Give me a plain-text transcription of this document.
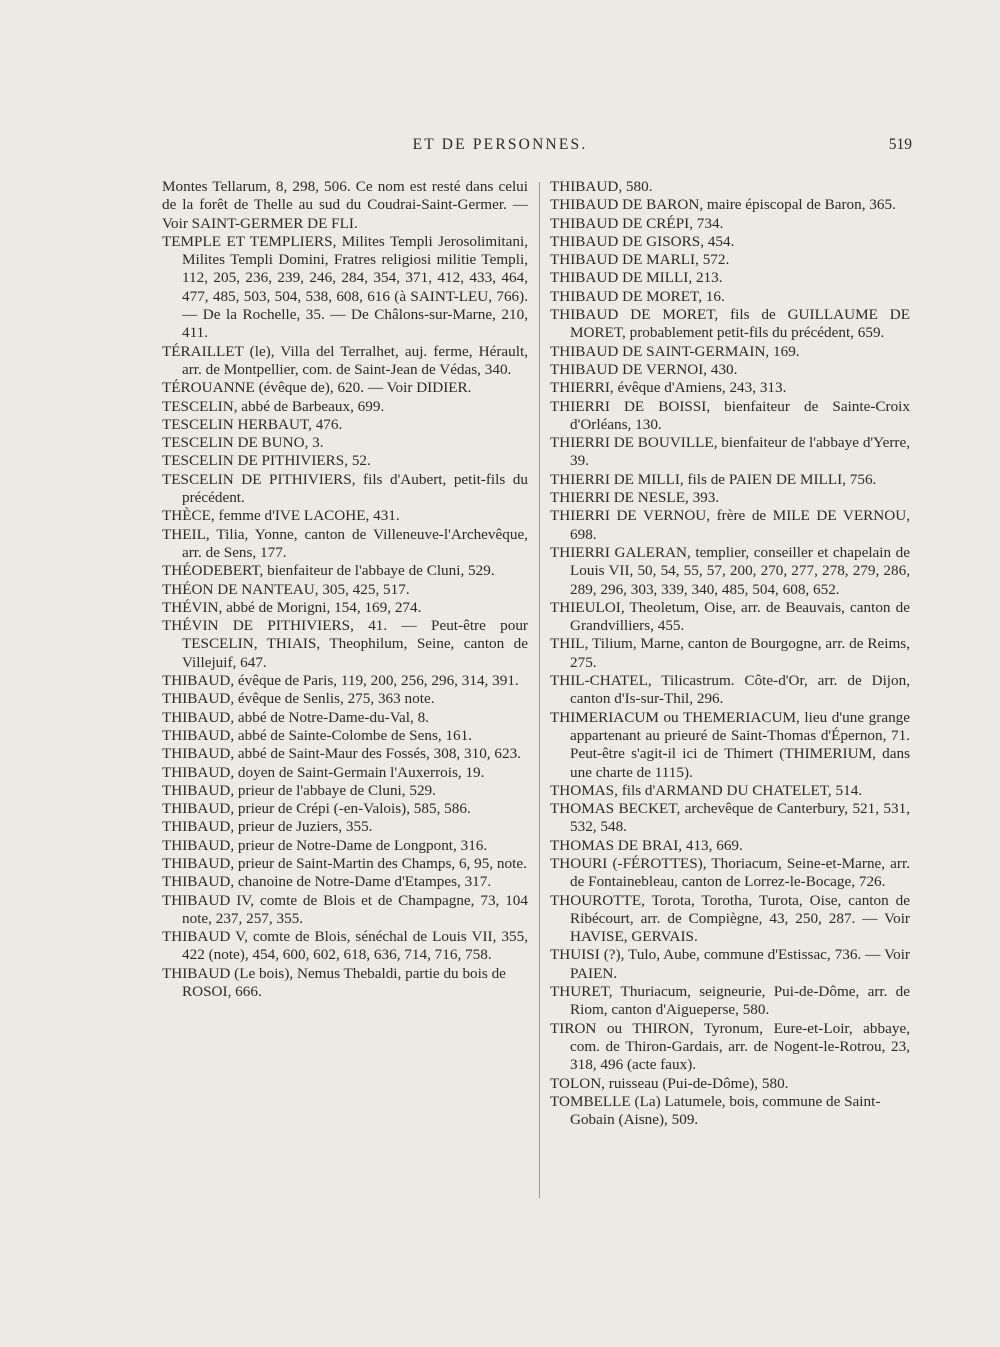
ET DE PERSONNES.	519

Montes Tellarum, 8, 298, 506. Ce nom est resté dans celui de la forêt de Thelle au sud du Coudrai-Saint-Germer. — Voir SAINT-GERMER DE FLI.

TEMPLE ET TEMPLIERS, Milites Templi Jerosolimitani, Milites Templi Domini, Fratres religiosi militie Templi, 112, 205, 236, 239, 246, 284, 354, 371, 412, 433, 464, 477, 485, 503, 504, 538, 608, 616 (à SAINT-LEU, 766). — De la Rochelle, 35. — De Châlons-sur-Marne, 210, 411.

TÉRAILLET (le), Villa del Terralhet, auj. ferme, Hérault, arr. de Montpellier, com. de Saint-Jean de Védas, 340.

TÉROUANNE (évêque de), 620. — Voir DIDIER.

TESCELIN, abbé de Barbeaux, 699.

TESCELIN HERBAUT, 476.

TESCELIN DE BUNO, 3.

TESCELIN DE PITHIVIERS, 52.

TESCELIN DE PITHIVIERS, fils d'Aubert, petit-fils du précédent.

THÈCE, femme d'IVE LACOHE, 431.

THEIL, Tilia, Yonne, canton de Villeneuve-l'Archevêque, arr. de Sens, 177.

THÉODEBERT, bienfaiteur de l'abbaye de Cluni, 529.

THÉON DE NANTEAU, 305, 425, 517.

THÉVIN, abbé de Morigni, 154, 169, 274.

THÉVIN DE PITHIVIERS, 41. — Peut-être pour TESCELIN, THIAIS, Theophilum, Seine, canton de Villejuif, 647.

THIBAUD, évêque de Paris, 119, 200, 256, 296, 314, 391.

THIBAUD, évêque de Senlis, 275, 363 note.

THIBAUD, abbé de Notre-Dame-du-Val, 8.

THIBAUD, abbé de Sainte-Colombe de Sens, 161.

THIBAUD, abbé de Saint-Maur des Fossés, 308, 310, 623.

THIBAUD, doyen de Saint-Germain l'Auxerrois, 19.

THIBAUD, prieur de l'abbaye de Cluni, 529.

THIBAUD, prieur de Crépi (-en-Valois), 585, 586.

THIBAUD, prieur de Juziers, 355.

THIBAUD, prieur de Notre-Dame de Longpont, 316.

THIBAUD, prieur de Saint-Martin des Champs, 6, 95, note.

THIBAUD, chanoine de Notre-Dame d'Etampes, 317.

THIBAUD IV, comte de Blois et de Champagne, 73, 104 note, 237, 257, 355.

THIBAUD V, comte de Blois, sénéchal de Louis VII, 355, 422 (note), 454, 600, 602, 618, 636, 714, 716, 758.

THIBAUD (Le bois), Nemus Thebaldi, partie du bois de ROSOI, 666.

THIBAUD, 580.

THIBAUD DE BARON, maire épiscopal de Baron, 365.

THIBAUD DE CRÉPI, 734.

THIBAUD DE GISORS, 454.

THIBAUD DE MARLI, 572.

THIBAUD DE MILLI, 213.

THIBAUD DE MORET, 16.

THIBAUD DE MORET, fils de GUILLAUME DE MORET, probablement petit-fils du précédent, 659.

THIBAUD DE SAINT-GERMAIN, 169.

THIBAUD DE VERNOI, 430.

THIERRI, évêque d'Amiens, 243, 313.

THIERRI DE BOISSI, bienfaiteur de Sainte-Croix d'Orléans, 130.

THIERRI DE BOUVILLE, bienfaiteur de l'abbaye d'Yerre, 39.

THIERRI DE MILLI, fils de PAIEN DE MILLI, 756.

THIERRI DE NESLE, 393.

THIERRI DE VERNOU, frère de MILE DE VERNOU, 698.

THIERRI GALERAN, templier, conseiller et chapelain de Louis VII, 50, 54, 55, 57, 200, 270, 277, 278, 279, 286, 289, 296, 303, 339, 340, 485, 504, 608, 652.

THIEULOI, Theoletum, Oise, arr. de Beauvais, canton de Grandvilliers, 455.

THIL, Tilium, Marne, canton de Bourgogne, arr. de Reims, 275.

THIL-CHATEL, Tilicastrum. Côte-d'Or, arr. de Dijon, canton d'Is-sur-Thil, 296.

THIMERIACUM ou THEMERIACUM, lieu d'une grange appartenant au prieuré de Saint-Thomas d'Épernon, 71. Peut-être s'agit-il ici de Thimert (THIMERIUM, dans une charte de 1115).

THOMAS, fils d'ARMAND DU CHATELET, 514.

THOMAS BECKET, archevêque de Canterbury, 521, 531, 532, 548.

THOMAS DE BRAI, 413, 669.

THOURI (-FÉROTTES), Thoriacum, Seine-et-Marne, arr. de Fontainebleau, canton de Lorrez-le-Bocage, 726.

THOUROTTE, Torota, Torotha, Turota, Oise, canton de Ribécourt, arr. de Compiègne, 43, 250, 287. — Voir HAVISE, GERVAIS.

THUISI (?), Tulo, Aube, commune d'Estissac, 736. — Voir PAIEN.

THURET, Thuriacum, seigneurie, Pui-de-Dôme, arr. de Riom, canton d'Aigueperse, 580.

TIRON ou THIRON, Tyronum, Eure-et-Loir, abbaye, com. de Thiron-Gardais, arr. de Nogent-le-Rotrou, 23, 318, 496 (acte faux).

TOLON, ruisseau (Pui-de-Dôme), 580.

TOMBELLE (La) Latumele, bois, commune de Saint-Gobain (Aisne), 509.
